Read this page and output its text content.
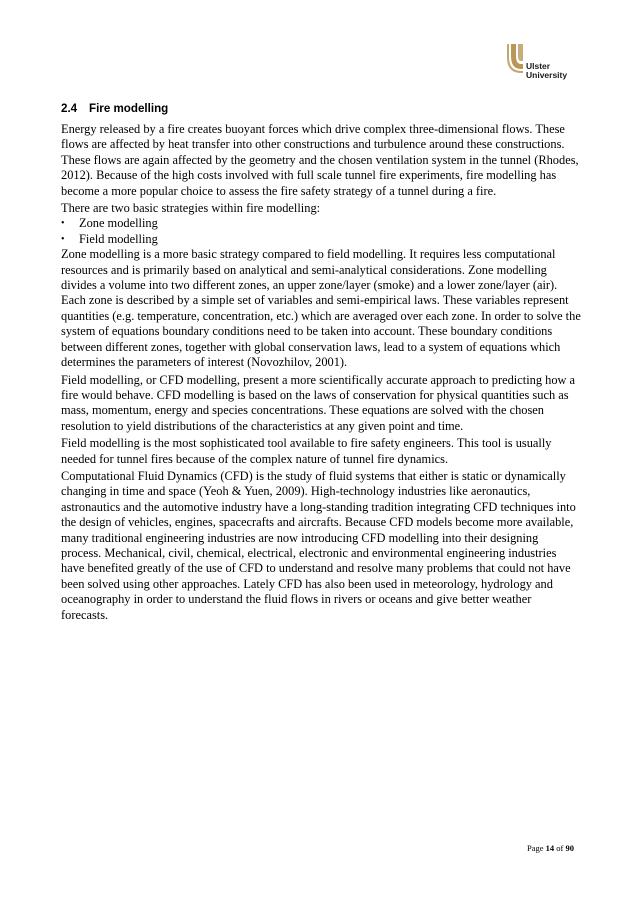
Ulster
University
2.4 Fire modelling

Energy released by a fire creates buoyant forces which drive complex three-dimensional flows. These flows are affected by heat transfer into other constructions and turbulence around these constructions. These flows are again affected by the geometry and the chosen ventilation system in the tunnel (Rhodes, 2012). Because of the high costs involved with full scale tunnel fire experiments, fire modelling has become a more popular choice to assess the fire safety strategy of a tunnel during a fire.

There are two basic strategies within fire modelling:

•	Zone modelling
•	Field modelling

Zone modelling is a more basic strategy compared to field modelling. It requires less computational resources and is primarily based on analytical and semi-analytical considerations. Zone modelling divides a volume into two different zones, an upper zone/layer (smoke) and a lower zone/layer (air). Each zone is described by a simple set of variables and semi-empirical laws. These variables represent quantities (e.g. temperature, concentration, etc.) which are averaged over each zone. In order to solve the system of equations boundary conditions need to be taken into account. These boundary conditions between different zones, together with global conservation laws, lead to a system of equations which determines the parameters of interest (Novozhilov, 2001).

Field modelling, or CFD modelling, present a more scientifically accurate approach to predicting how a fire would behave. CFD modelling is based on the laws of conservation for physical quantities such as mass, momentum, energy and species concentrations. These equations are solved with the chosen resolution to yield distributions of the characteristics at any given point and time.

Field modelling is the most sophisticated tool available to fire safety engineers. This tool is usually needed for tunnel fires because of the complex nature of tunnel fire dynamics.

Computational Fluid Dynamics (CFD) is the study of fluid systems that either is static or dynamically changing in time and space (Yeoh & Yuen, 2009). High-technology industries like aeronautics, astronautics and the automotive industry have a long-standing tradition integrating CFD techniques into the design of vehicles, engines, spacecrafts and aircrafts. Because CFD models become more available, many traditional engineering industries are now introducing CFD modelling into their designing process. Mechanical, civil, chemical, electrical, electronic and environmental engineering industries have benefited greatly of the use of CFD to understand and resolve many problems that could not have been solved using other approaches. Lately CFD has also been used in meteorology, hydrology and oceanography in order to understand the fluid flows in rivers or oceans and give better weather forecasts.

Page 14 of 90
